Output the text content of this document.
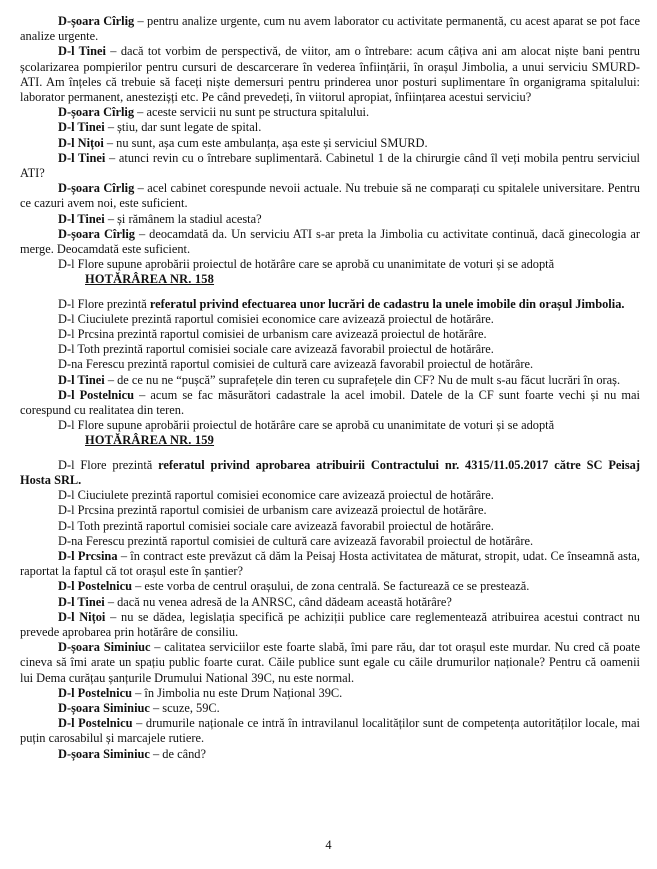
D-șoara Cîrlig – pentru analize urgente, cum nu avem laborator cu activitate permanentă, cu acest aparat se pot face analize urgente.

D-l Tinei – dacă tot vorbim de perspectivă, de viitor, am o întrebare: acum câțiva ani am alocat niște bani pentru școlarizarea pompierilor pentru cursuri de descarcerare în vederea înființării, în orașul Jimbolia, a unui serviciu SMURD-ATI. Am înțeles că trebuie să faceți niște demersuri pentru prinderea unor posturi suplimentare în organigrama spitalului: laborator permanent, anestezișți etc. Pe când prevedeți, în viitorul apropiat, înființarea acestui serviciu?

D-șoara Cîrlig – aceste servicii nu sunt pe structura spitalului.

D-l Tinei – știu, dar sunt legate de spital.

D-l Nițoi – nu sunt, așa cum este ambulanța, așa este și serviciul SMURD.

D-l Tinei – atunci revin cu o întrebare suplimentară. Cabinetul 1 de la chirurgie când îl veți mobila pentru serviciul ATI?

D-șoara Cîrlig – acel cabinet corespunde nevoii actuale. Nu trebuie să ne comparați cu spitalele universitare. Pentru ce cazuri avem noi, este suficient.

D-l Tinei – și rămânem la stadiul acesta?

D-șoara Cîrlig – deocamdată da. Un serviciu ATI s-ar preta la Jimbolia cu activitate continuă, dacă ginecologia ar merge. Deocamdată este suficient.

D-l Flore supune aprobării proiectul de hotărâre care se aprobă cu unanimitate de voturi și se adoptă

HOTĂRÂREA NR. 158

D-l Flore prezintă referatul privind efectuarea unor lucrări de cadastru la unele imobile din orașul Jimbolia.

D-l Ciuciulete prezintă raportul comisiei economice care avizează proiectul de hotărâre.

D-l Prcsina prezintă raportul comisiei de urbanism care avizează proiectul de hotărâre.

D-l Toth prezintă raportul comisiei sociale care avizează favorabil proiectul de hotărâre.

D-na Ferescu prezintă raportul comisiei de cultură care avizează favorabil proiectul de hotărâre.

D-l Tinei – de ce nu ne “pușcă” suprafețele din teren cu suprafețele din CF? Nu de mult s-au făcut lucrări în oraș.

D-l Postelnicu – acum se fac măsurători cadastrale la acel imobil. Datele de la CF sunt foarte vechi și nu mai corespund cu realitatea din teren.

D-l Flore supune aprobării proiectul de hotărâre care se aprobă cu unanimitate de voturi și se adoptă

HOTĂRÂREA NR. 159

D-l Flore prezintă referatul privind aprobarea atribuirii Contractului nr. 4315/11.05.2017 către SC Peisaj Hosta SRL.

D-l Ciuciulete prezintă raportul comisiei economice care avizează proiectul de hotărâre.

D-l Prcsina prezintă raportul comisiei de urbanism care avizează proiectul de hotărâre.

D-l Toth prezintă raportul comisiei sociale care avizează favorabil proiectul de hotărâre.

D-na Ferescu prezintă raportul comisiei de cultură care avizează favorabil proiectul de hotărâre.

D-l Prcsina – în contract este prevăzut că dăm la Peisaj Hosta activitatea de măturat, stropit, udat. Ce înseamnă asta, raportat la faptul că tot orașul este în șantier?

D-l Postelnicu – este vorba de centrul orașului, de zona centrală. Se facturează ce se prestează.

D-l Tinei – dacă nu venea adresă de la ANRSC, când dădeam această hotărâre?

D-l Nițoi – nu se dădea, legislația specifică pe achiziții publice care reglementează atribuirea acestui contract nu prevede aprobarea prin hotărâre de consiliu.

D-șoara Siminiuc – calitatea serviciilor este foarte slabă, îmi pare rău, dar tot orașul este murdar. Nu cred că poate cineva să îmi arate un spațiu public foarte curat. Căile publice sunt egale cu căile drumurilor naționale? Pentru că oamenii lui Dema curățau șanțurile Drumului National 39C, nu este normal.

D-l Postelnicu – în Jimbolia nu este Drum Național 39C.

D-șoara Siminiuc – scuze, 59C.

D-l Postelnicu – drumurile naționale ce intră în intravilanul localităților sunt de competența autorităților locale, mai puțin carosabilul și marcajele rutiere.

D-șoara Siminiuc – de când?

4
